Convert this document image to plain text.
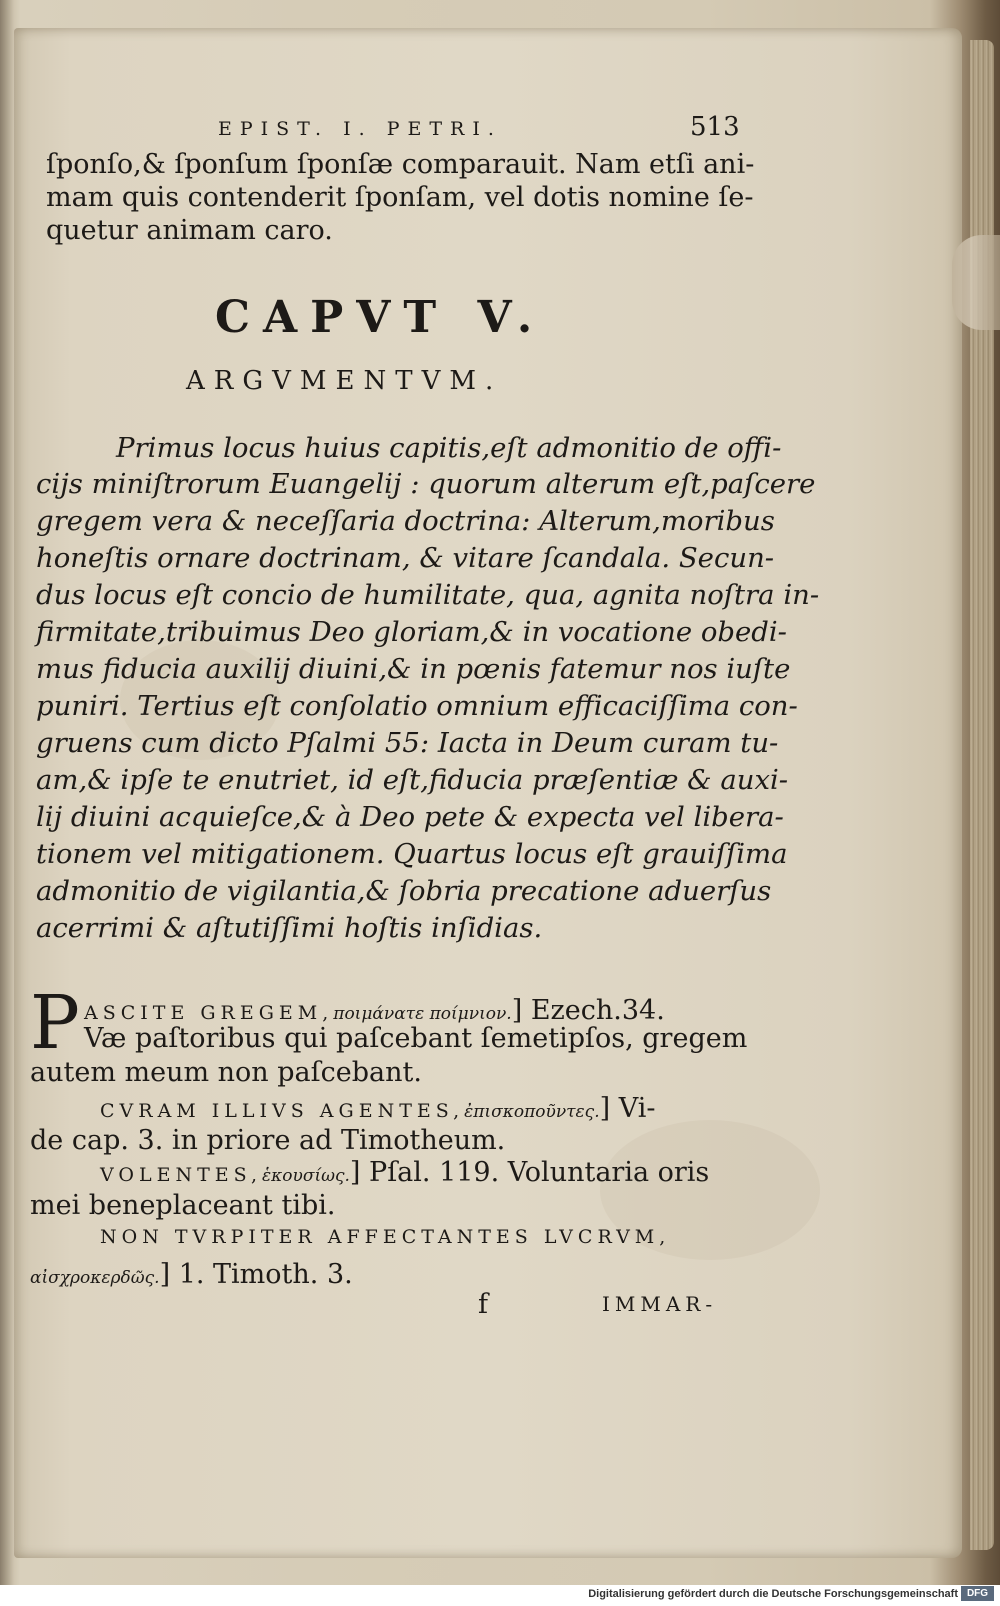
EPIST. I. PETRI.	513
ſponſo,& ſponſum ſponſæ comparauit. Nam etſi ani-
mam quis contenderit ſponſam, vel dotis nomine ſe-
quetur animam caro.
CAPVT V.
ARGVMENTVM.
Primus locus huius capitis,eſt admonitio de offi-
cijs miniſtrorum Euangelij : quorum alterum eſt,paſcere
gregem vera & neceſſaria doctrina: Alterum,moribus
honeſtis ornare doctrinam, & vitare ſcandala. Secun-
dus locus eſt concio de humilitate, qua, agnita noſtra in-
firmitate,tribuimus Deo gloriam,& in vocatione obedi-
mus fiducia auxilij diuini,& in pœnis fatemur nos iuſte
puniri. Tertius eſt conſolatio omnium efficaciſſima con-
gruens cum dicto Pſalmi 55: Iacta in Deum curam tu-
am,& ipſe te enutriet, id eſt,fiducia præſentiæ & auxi-
lij diuini acquieſce,& à Deo pete & expecta vel libera-
tionem vel mitigationem. Quartus locus eſt grauiſſima
admonitio de vigilantia,& ſobria precatione aduerſus
acerrimi & aſtutiſſimi hoſtis inſidias.
P ASCITE GREGEM,ποιμάνατε ποίμνιον.] Ezech.34.
Væ paſtoribus qui paſcebant ſemetipſos, gregem
autem meum non paſcebant.
CVRAM ILLIVS AGENTES,ἐπισκοποῦντες.] Vi-
de cap. 3. in priore ad Timotheum.
VOLENTES,ἑκουσίως.] Pſal. 119. Voluntaria oris
mei beneplaceant tibi.
NON TVRPITER AFFECTANTES LVCRVM,
αἰσχροκερδῶς.] 1. Timoth. 3.
f	IMMAR-
Digitalisierung gefördert durch die Deutsche Forschungsgemeinschaft DFG
